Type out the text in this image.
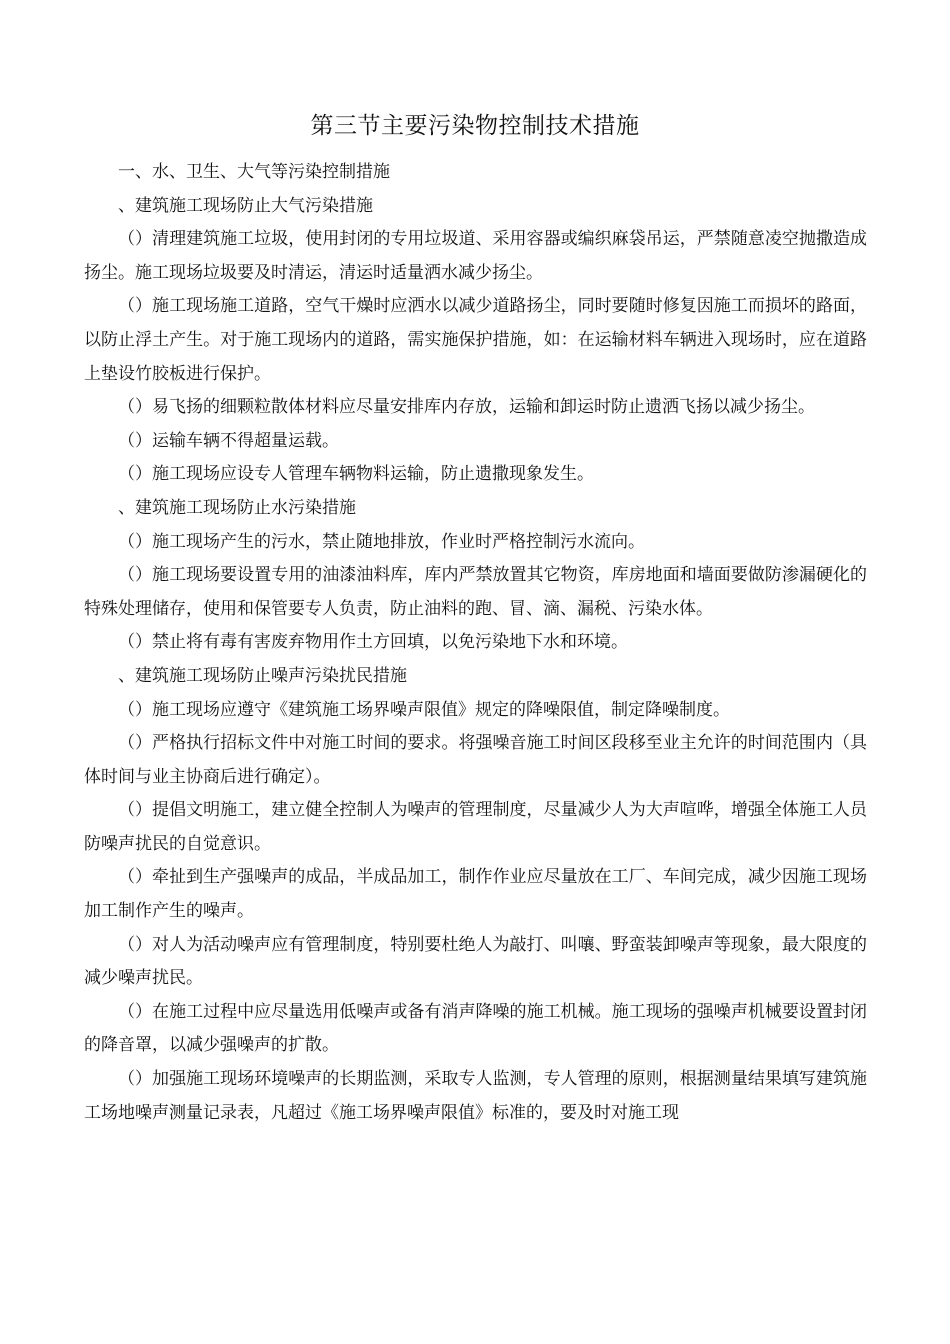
第三节主要污染物控制技术措施

一、水、卫生、大气等污染控制措施

、建筑施工现场防止大气污染措施

（）清理建筑施工垃圾，使用封闭的专用垃圾道、采用容器或编织麻袋吊运，严禁随意凌空抛撒造成扬尘。施工现场垃圾要及时清运，清运时适量洒水减少扬尘。

（）施工现场施工道路，空气干燥时应洒水以减少道路扬尘，同时要随时修复因施工而损坏的路面，以防止浮土产生。对于施工现场内的道路，需实施保护措施，如：在运输材料车辆进入现场时，应在道路上垫设竹胶板进行保护。

（）易飞扬的细颗粒散体材料应尽量安排库内存放，运输和卸运时防止遗洒飞扬以减少扬尘。

（）运输车辆不得超量运载。

（）施工现场应设专人管理车辆物料运输，防止遗撒现象发生。

、建筑施工现场防止水污染措施

（）施工现场产生的污水，禁止随地排放，作业时严格控制污水流向。

（）施工现场要设置专用的油漆油料库，库内严禁放置其它物资，库房地面和墙面要做防渗漏硬化的特殊处理储存，使用和保管要专人负责，防止油料的跑、冒、滴、漏税、污染水体。

（）禁止将有毒有害废弃物用作土方回填，以免污染地下水和环境。

、建筑施工现场防止噪声污染扰民措施

（）施工现场应遵守《建筑施工场界噪声限值》规定的降噪限值，制定降噪制度。

（）严格执行招标文件中对施工时间的要求。将强噪音施工时间区段移至业主允许的时间范围内（具体时间与业主协商后进行确定）。

（）提倡文明施工，建立健全控制人为噪声的管理制度，尽量减少人为大声喧哗，增强全体施工人员防噪声扰民的自觉意识。

（）牵扯到生产强噪声的成品，半成品加工，制作作业应尽量放在工厂、车间完成，减少因施工现场加工制作产生的噪声。

（）对人为活动噪声应有管理制度，特别要杜绝人为敲打、叫嚷、野蛮装卸噪声等现象，最大限度的减少噪声扰民。

（）在施工过程中应尽量选用低噪声或备有消声降噪的施工机械。施工现场的强噪声机械要设置封闭的降音罩，以减少强噪声的扩散。

（）加强施工现场环境噪声的长期监测，采取专人监测，专人管理的原则，根据测量结果填写建筑施工场地噪声测量记录表，凡超过《施工场界噪声限值》标准的，要及时对施工现
